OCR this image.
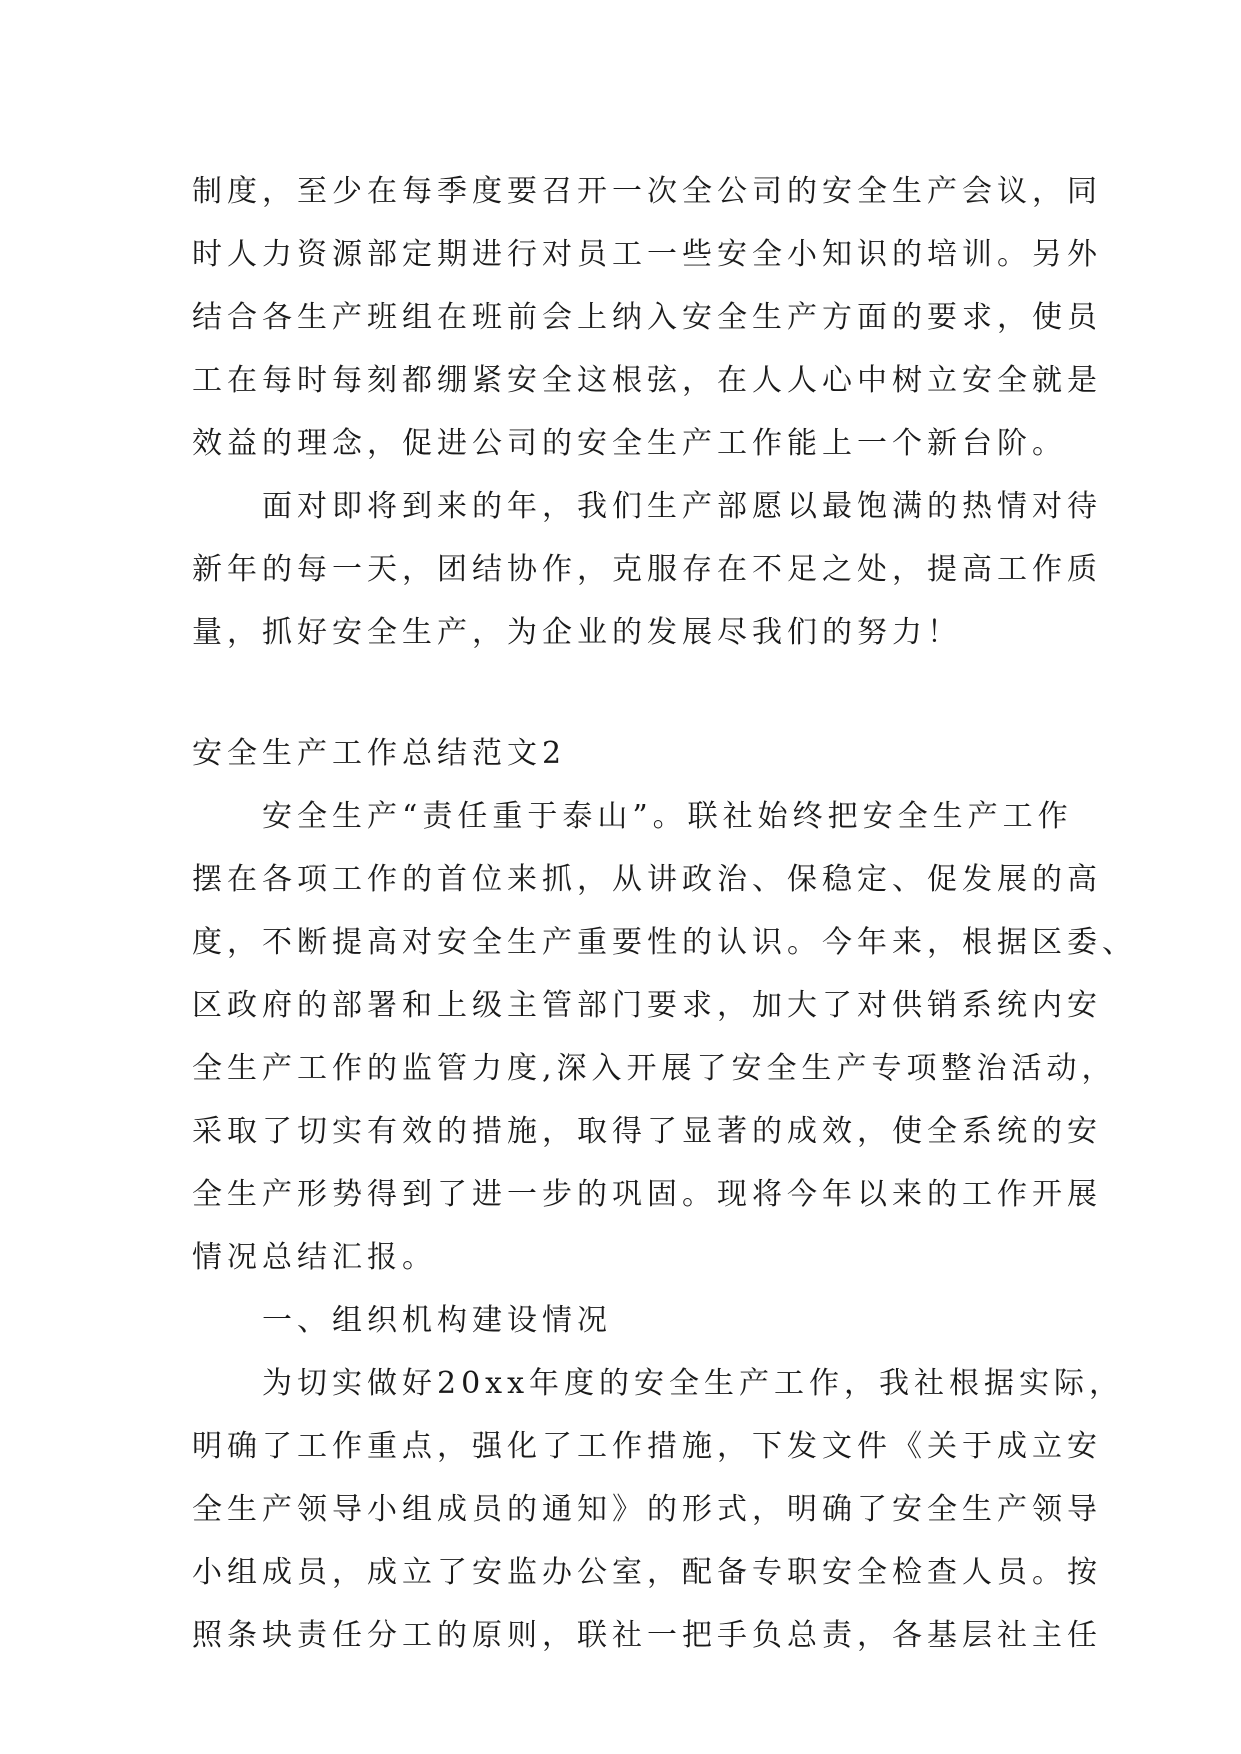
制度，至少在每季度要召开一次全公司的安全生产会议，同
时人力资源部定期进行对员工一些安全小知识的培训。另外
结合各生产班组在班前会上纳入安全生产方面的要求，使员
工在每时每刻都绷紧安全这根弦，在人人心中树立安全就是
效益的理念，促进公司的安全生产工作能上一个新台阶。
　　面对即将到来的年，我们生产部愿以最饱满的热情对待
新年的每一天，团结协作，克服存在不足之处，提高工作质
量，抓好安全生产，为企业的发展尽我们的努力！
安全生产工作总结范文2
　　安全生产“责任重于泰山”。联社始终把安全生产工作
摆在各项工作的首位来抓，从讲政治、保稳定、促发展的高
度，不断提高对安全生产重要性的认识。今年来，根据区委、
区政府的部署和上级主管部门要求，加大了对供销系统内安
全生产工作的监管力度,深入开展了安全生产专项整治活动，
采取了切实有效的措施，取得了显著的成效，使全系统的安
全生产形势得到了进一步的巩固。现将今年以来的工作开展
情况总结汇报。
　　一、组织机构建设情况
　　为切实做好20xx年度的安全生产工作，我社根据实际，
明确了工作重点，强化了工作措施，下发文件《关于成立安
全生产领导小组成员的通知》的形式，明确了安全生产领导
小组成员，成立了安监办公室，配备专职安全检查人员。按
照条块责任分工的原则，联社一把手负总责，各基层社主任
